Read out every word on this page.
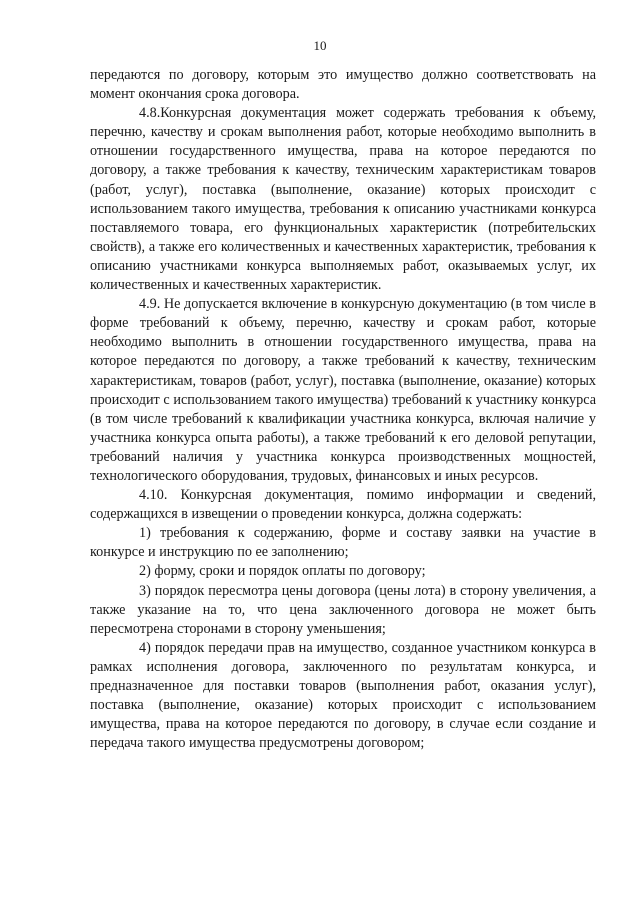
10

передаются по договору, которым это имущество должно соответствовать на момент окончания срока договора.

4.8.Конкурсная документация может содержать требования к объему, перечню, качеству и срокам выполнения работ, которые необходимо выполнить в отношении государственного имущества, права на которое передаются по договору, а также требования к качеству, техническим характеристикам товаров (работ, услуг), поставка (выполнение, оказание) которых происходит с использованием такого имущества, требования к описанию участниками конкурса поставляемого товара, его функциональных характеристик (потребительских свойств), а также его количественных и качественных характеристик, требования к описанию участниками конкурса выполняемых работ, оказываемых услуг, их количественных и качественных характеристик.

4.9. Не допускается включение в конкурсную документацию (в том числе в форме требований к объему, перечню, качеству и срокам работ, которые необходимо выполнить в отношении государственного имущества, права на которое передаются по договору, а также требований к качеству, техническим характеристикам, товаров (работ, услуг), поставка (выполнение, оказание) которых происходит с использованием такого имущества) требований к участнику конкурса (в том числе требований к квалификации участника конкурса, включая наличие у участника конкурса опыта работы), а также требований к его деловой репутации, требований наличия у участника конкурса производственных мощностей, технологического оборудования, трудовых, финансовых и иных ресурсов.

4.10. Конкурсная документация, помимо информации и сведений, содержащихся в извещении о проведении конкурса, должна содержать:

1) требования к содержанию, форме и составу заявки на участие в конкурсе и инструкцию по ее заполнению;

2) форму, сроки и порядок оплаты по договору;

3) порядок пересмотра цены договора (цены лота) в сторону увеличения, а также указание на то, что цена заключенного договора не может быть пересмотрена сторонами в сторону уменьшения;

4) порядок передачи прав на имущество, созданное участником конкурса в рамках исполнения договора, заключенного по результатам конкурса, и предназначенное для поставки товаров (выполнения работ, оказания услуг), поставка (выполнение, оказание) которых происходит с использованием имущества, права на которое передаются по договору, в случае если создание и передача такого имущества предусмотрены договором;
